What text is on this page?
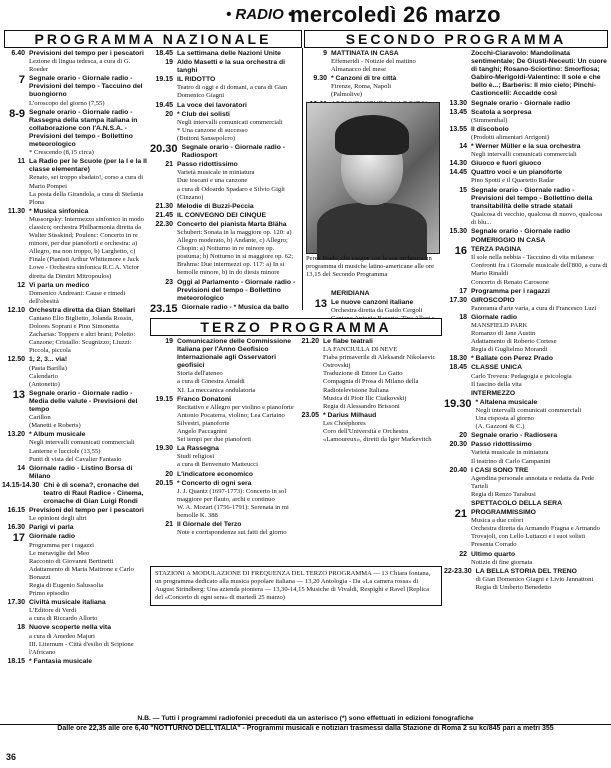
• RADIO •
mercoledì 26 marzo
PROGRAMMA NAZIONALE	SECONDO PROGRAMMA
6.40 Previsioni del tempo per i pescatori
Lezione di lingua tedesca, a cura di G. Roeder
7 Segnale orario - Giornale radio - Previsioni del tempo - Taccuino del buongiorno
L'oroscopo del giorno (7,55)
8-9 Segnale orario - Giornale radio - Rassegna della stampa italiana in collaborazione con l'A.N.S.A. - Previsioni del tempo - Bollettino meteorologico
* Crescendo (8,15 circa)
11 La Radio per le Scuole (per la I e la II classe elementare)
Renato, sei troppo sbadato!, corso a cura di Mario Pompei
La posta della Girandola, a cura di Stefania Plona
11.30 * Musica sinfonica
Mussorgsky: Intermezzo sinfonico in modo classico; orchestra Philharmonia diretta da Walter Süsskind; Poulenc: Concerto in re minore, per due pianoforti e orchestra: a) Allegro, ma non troppo, b) Larghetto, c) Finale (Pianisti Arthur Whittemore e Jack Lowe - Orchestra sinfonica R.C.A. Victor diretta da Dimitri Mitropoulos)
12 Vi parla un medico
Domenico Andreani: Cause e rimedi dell'obesità
12.10 Orchestra diretta da Gian Stellari
Cantano Elio Biglietto, Jolanda Rossin, Dolores Soprani e Pino Simonetta
Zacharias: Toppers e altri brani; Poletto: Canzone; Cristallo: Scugnizzo; Liuzzi: Piccola, piccola
12.50 1, 2, 3... via!
(Pasta Barilla)
Calendario
(Antonetto)
13 Segnale orario - Giornale radio - Media delle valute - Previsioni del tempo
Carillon
(Manetti e Roberts)
13.20 * Album musicale
Negli intervalli comunicati commerciali
Lanterne e lucciole (13,55)
Punti di vista del Cavalier Fantasio
14 Giornale radio - Listino Borsa di Milano
14.15-14.30 Chi è di scena?, cronache del teatro di Raul Radice - Cinema, cronache di Gian Luigi Rondi
16.15 Previsioni del tempo per i pescatori
Le opinioni degli altri
16.30 Parigi vi parla
17 Giornale radio
Programma per i ragazzi
Le meraviglie del Meo
Racconto di Giovanni Bertinetti
Adattamento di Maria Maitrone e Carlo Bonazzi
Regia di Eugenio Salussolia
Primo episodio
17.30 Civiltà musicale italiana
L'Editore di Verdi
a cura di Riccardo Allorto
18 Nuove scoperte nella vita
a cura di Amedeo Majuri
III. Liternum - Città d'esilio di Scipione l'Africano
18.15 * Fantasia musicale
18.45 La settimana delle Nazioni Unite
19 Aldo Masetti e la sua orchestra di tanghi
19.15 IL RIDOTTO
Teatro di oggi e di domani, a cura di Gian Domenico Giagni
19.45 La voce dei lavoratori
20 * Club dei solisti
Negli intervalli comunicati commerciali
* Una canzone di successo
(Buitoni Sansepolcro)
20.30 Segnale orario - Giornale radio - Radiosport
21 Passo ridottissimo
Varietà musicale in miniatura
Due toscani e una canzone
a cura di Odoardo Spadaro e Silvio Gigli
(Cinzano)
21.30 Melodie di Buzzi-Peccia
21.45 IL CONVEGNO DEI CINQUE
22.30 Concerto del pianista Marta Bläha
Schubert: Sonata in la maggiore op. 120: a) Allegro moderato, b) Andante, c) Allegro; Chopin: a) Notturno in re minore op. postuma; b) Notturno in si maggiore op. 62; Brahms: Due intermezzi op. 117: a) In si bemolle minore, b) in do diesis minore
23 Oggi al Parlamento - Giornale radio - Previsioni del tempo - Bollettino meteorologico
23.15 Giornale radio - * Musica da ballo
9 MATTINATA IN CASA
Effemeridi - Notizie del mattino
Almanacco del mese
9.30 * Canzoni di tre città
Firenze, Roma, Napoli
(Palmolive)
Perez Prado, che esegue con la sua orchestra un programma di musiche latino-americane alle ore 13,15 del Secondo Programma
MERIDIANA
13 Le nuove canzoni italiane
Orchestra diretta da Guido Cergoli
Zocchi-Ciaravolo: Mandolinata sentimentale; De Giusti-Neceuti: Un cuore di tanghi; Rosano-Sciortino: Smorfiosa; Gabiro-Merigoldi-Valentino: Il sole e che bello è...; Barberis: Il mio cielo; Pinchi-Castioncelli: Accadde così
13.30 Segnale orario - Giornale radio
13.45 Scatola a sorpresa
(Simmenthal)
13.55 Il discobolo
(Prodotti alimentari Arrigoni)
14 * Werner Müller e la sua orchestra
Negli intervalli comunicati commerciali
14.30 Giuoco e fuori giuoco
14.45 Quattro voci e un pianoforte
Pino Spotti e il Quartetto Radar
15 Segnale orario - Giornale radio - Previsioni del tempo - Bollettino della transitabilità delle strade statali
Qualcosa di vecchio, qualcosa di nuovo, qualcosa di blu...
15.30 Segnale orario - Giornale radio
POMERIGGIO IN CASA
16 TERZA PAGINA
Il sole nella nebbia - Taccuino di vita milanese
Confronti fra i Giornale musicale dell'800, a cura di Mario Rinaldi
Concerto di Renato Carosone
17 Programma per i ragazzi
17.30 GIROSCOPIO
Panorama d'arte varia, a cura di Francesco Luzi
18 Giornale radio
MANSFIELD PARK
Romanzo di Jane Austin
Adattamento di Roberto Cortese
Regia di Guglielmo Morandi
18.30 * Ballate con Perez Prado
18.45 CLASSE UNICA
Carlo Trevera: Pedagogia e psicologia
Il fascino della vita
INTERMEZZO
19.30 * Altalena musicale
Negli intervalli comunicati commerciali
Una risposta al giorno
(A. Gazzoni & C.)
20 Segnale orario - Radiosera
20.30 Passo ridottissimo
Varietà musicale in miniatura
Il teatrino di Carlo Campanini
20.40 I CASI SONO TRE
Agendina personale annotata e redatta da Pede Tarteli
Regia di Renzo Tarabusi
SPETTACOLO DELLA SERA
21 PROGRAMMISSIMO
Musica a due colori
Orchestra diretta da Armando Fragna e Armando Trovajoli, con Lello Luttazzi e i suoi solisti
Presenta Corrado
22 Ultimo quarto
Notizie di fine giornata
22-23.30 LA BELLA STORIA DEL TRENO
di Gian Domenico Giagni e Livio Jannattoni
Regia di Umberto Benedetto
TERZO PROGRAMMA
19 Comunicazione delle Commissione Italiana per l'Anno Geofisico Internazionale agli Osservatori geofisici
Storia dell'ateneo
a cura di Ginestra Amaldi
XI. La meccanica ondulatoria
19.15 Franco Donatoni
Recitativo e Allegro per violino e pianoforte
Antonio Pocaterra, violino; Lea Cartaino Silvestri, pianoforte
Angelo Paccagnini
Sei tempi per due pianoforti
19.30 La Rassegna
Studi religiosi
a cura di Benvenuto Matteucci
20 L'indicatore economico
20.15 * Concerto di ogni sera
J. J. Quantz (1697-1773): Concerto in sol maggiore per flauto, archi e continuo
W. A. Mozart (1756-1791): Serenata in mi bemolle K. 388
21 Il Giornale del Terzo
Note e corrispondenze sui fatti del giorno
21.20 Le fiabe teatrali
LA FANCIULLA DI NEVE
Fiaba primaverile di Aleksandr Nikolaevic Ostrovskij
Traduzione di Ettore Lo Gatto
Compagnia di Prosa di Milano della Radiotelevisione Italiana
Musica di Piotr Ilic Ciaikovskij
Regia di Alessandro Brissoni
23.05 * Darius Milhaud
Les Choéphores
Coro dell'Università e Orchestra «Lamoureux», diretti da Igor Markevitch
STAZIONI A MODULAZIONE DI FREQUENZA DEL TERZO PROGRAMMA — 13 Chiara fontana, un programma dedicato alla musica popolare italiana — 13,20 Antologia - Da «La camera rossa» di August Strindberg: Una azienda pioniera — 13,30-14,15 Musiche di Vivaldi, Respighi e Ravel (Replica del «Concerto di ogni sera» di martedì 25 marzo)
N.B. — Tutti i programmi radiofonici preceduti da un asterisco (*) sono effettuati in edizioni fonografiche
Dalle ore 22,35 alle ore 6,40 "NOTTURNO DELL'ITALIA" - Programmi musicali e notiziari trasmessi dalla Stazione di Roma 2 su kc/845 pari a metri 355
36
